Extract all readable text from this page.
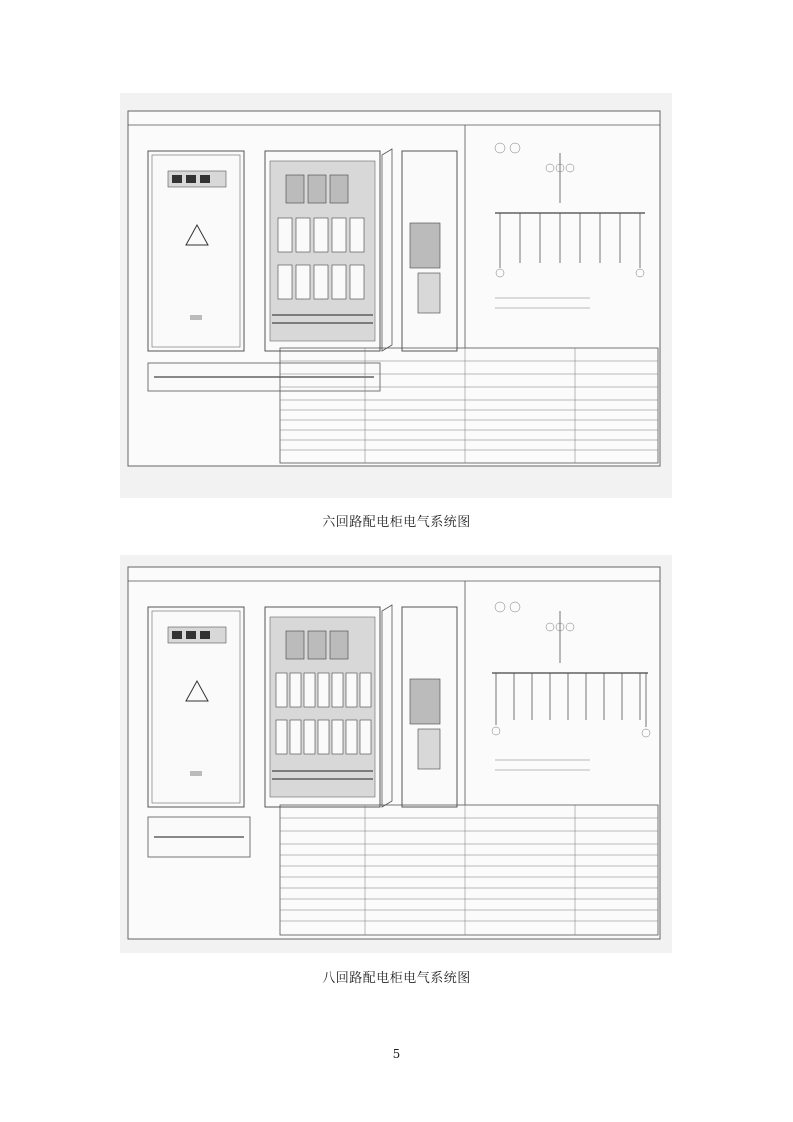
六回路配电柜电气系统图
八回路配电柜电气系统图
5
